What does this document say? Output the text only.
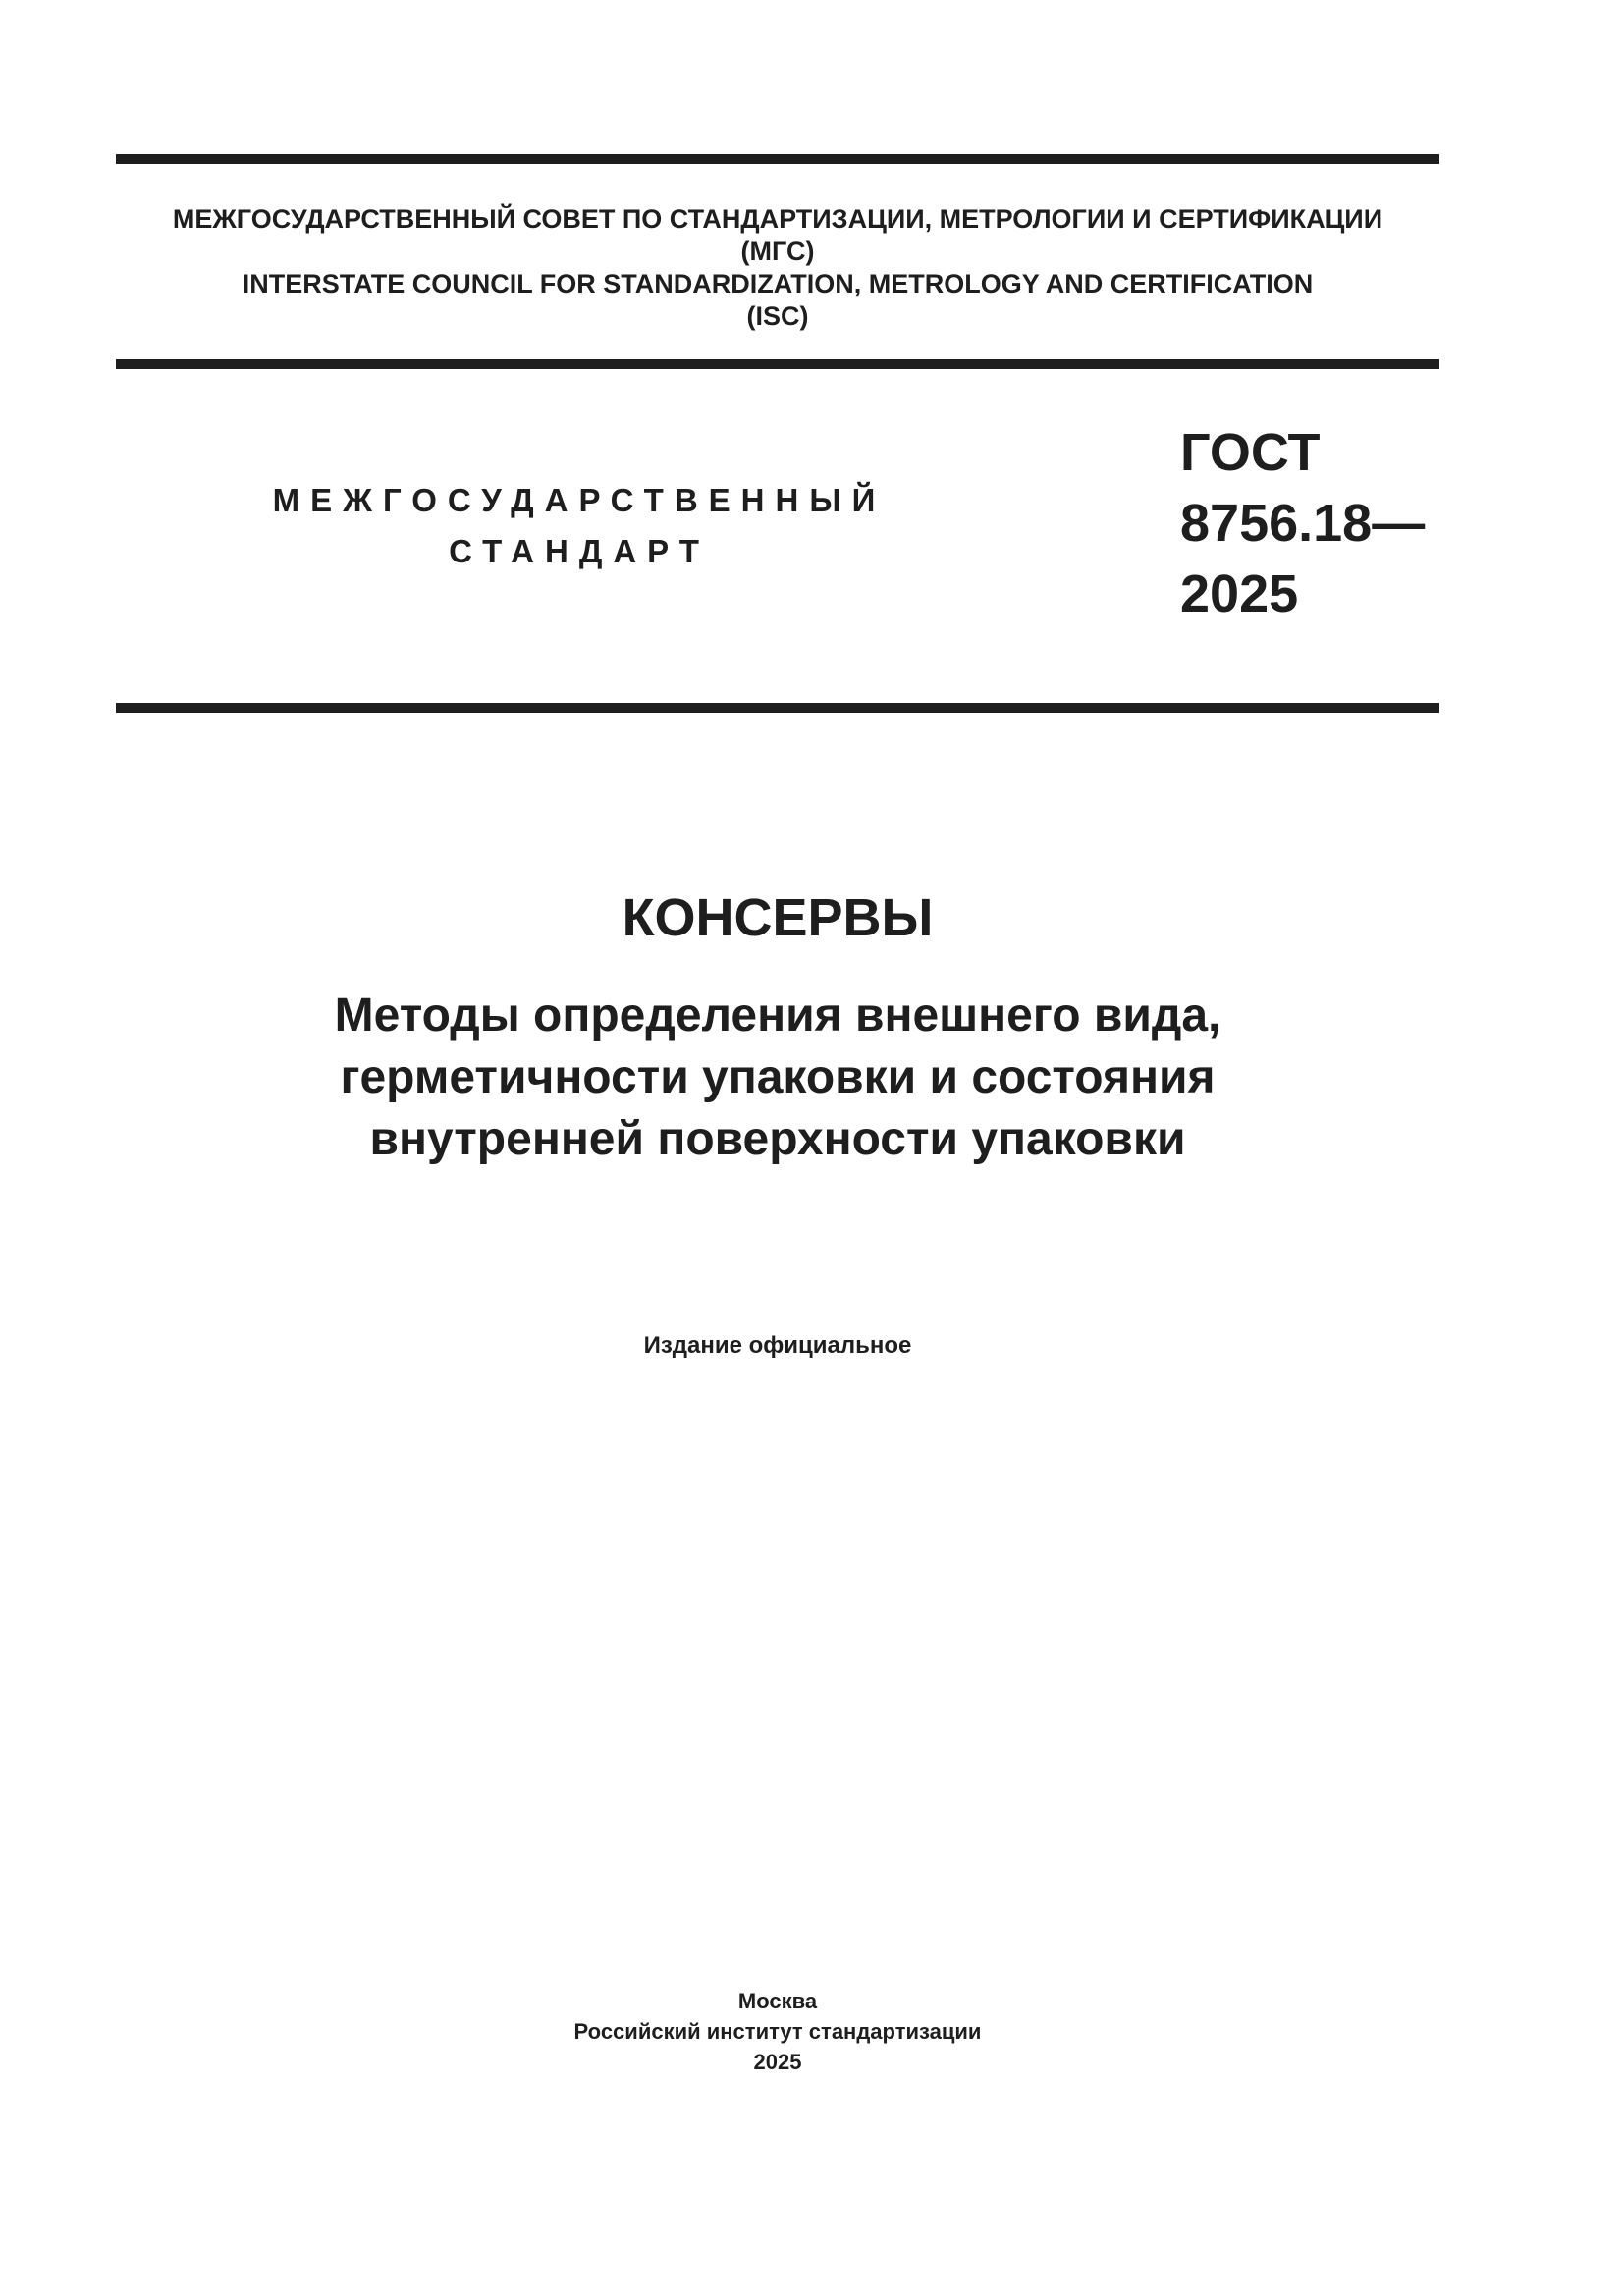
МЕЖГОСУДАРСТВЕННЫЙ СОВЕТ ПО СТАНДАРТИЗАЦИИ, МЕТРОЛОГИИ И СЕРТИФИКАЦИИ
(МГС)
INTERSTATE COUNCIL FOR STANDARDIZATION, METROLOGY AND CERTIFICATION
(ISC)
МЕЖГОСУДАРСТВЕННЫЙ
СТАНДАРТ
ГОСТ
8756.18—
2025
КОНСЕРВЫ
Методы определения внешнего вида,
герметичности упаковки и состояния
внутренней поверхности упаковки
Издание официальное
Москва
Российский институт стандартизации
2025
